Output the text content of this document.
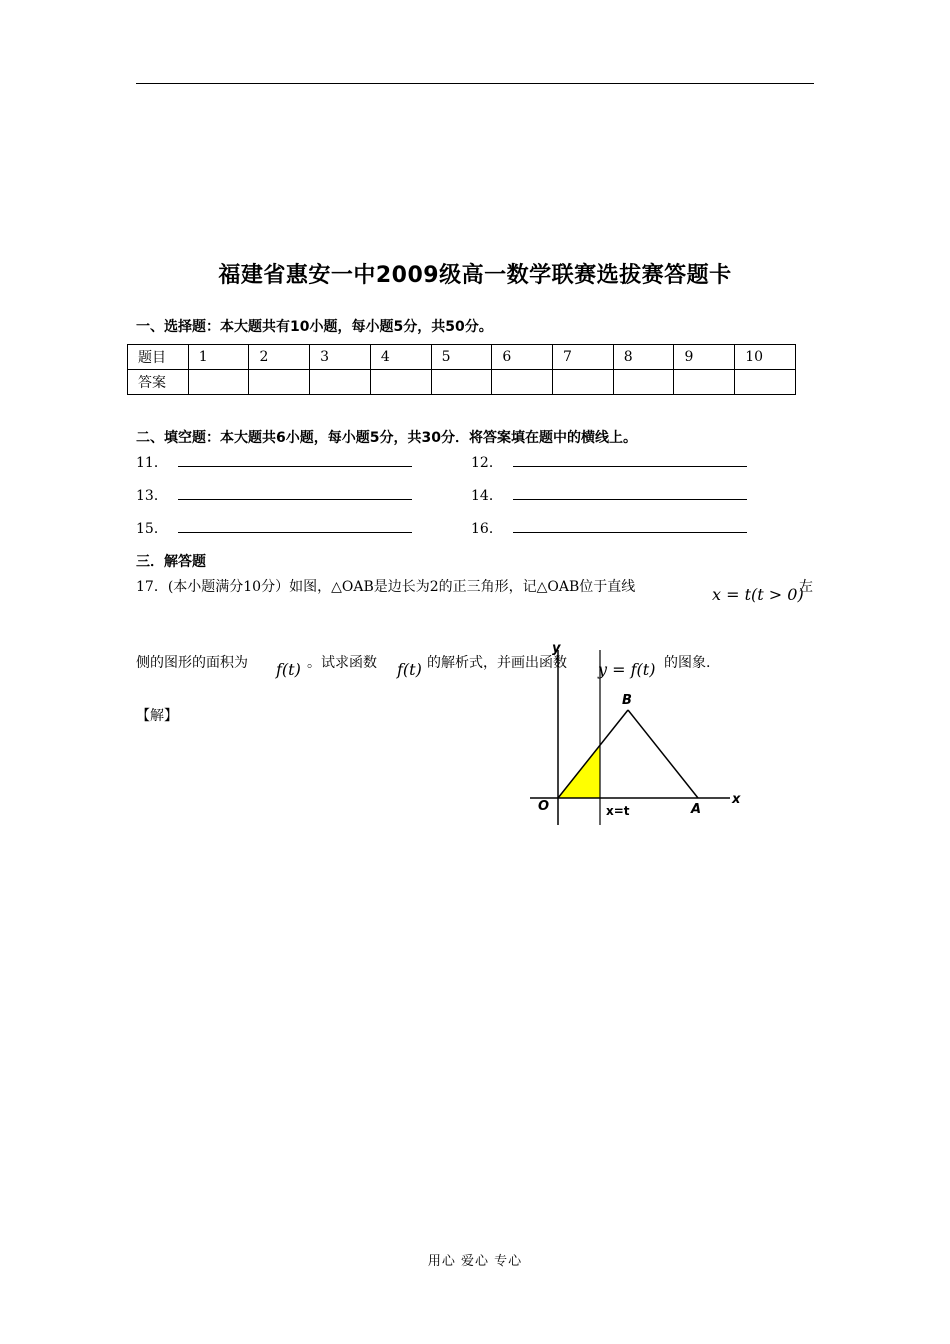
福建省惠安一中2009级高一数学联赛选拔赛答题卡
一、选择题：本大题共有10小题，每小题5分，共50分。
题目	1	2	3	4	5	6	7	8	9	10
答案										
二、填空题：本大题共6小题，每小题5分，共30分．将答案填在题中的横线上。
11．	12．
13．	14．
15．	16．
三．解答题
17．(本小题满分10分）如图，△OAB是边长为2的正三角形，记△OAB位于直线	x = t(t > 0)
左
侧的图形的面积为 f(t) 。试求函数 f(t) 的解析式，并画出函数 y = f(t) 的图象.
【解】
y
x
O	A
B
x=t
用心 爱心 专心
